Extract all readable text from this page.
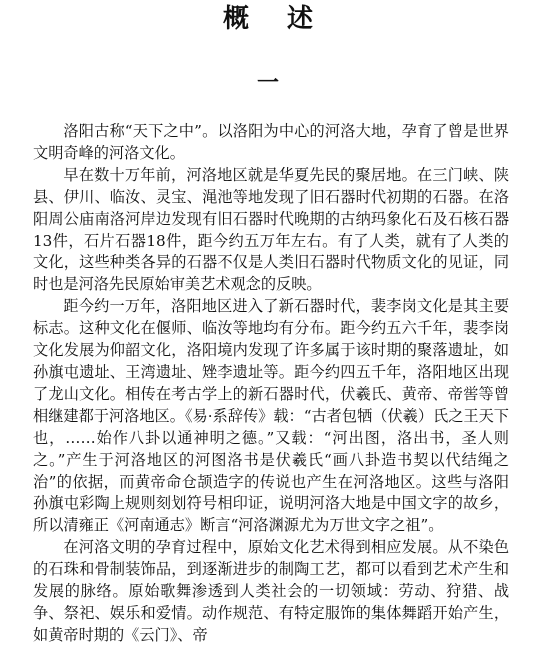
概述
一

洛阳古称“天下之中”。以洛阳为中心的河洛大地，孕育了曾是世界文明奇峰的河洛文化。

早在数十万年前，河洛地区就是华夏先民的聚居地。在三门峡、陕县、伊川、临汝、灵宝、渑池等地发现了旧石器时代初期的石器。在洛阳周公庙南洛河岸边发现有旧石器时代晚期的古纳玛象化石及石核石器13件，石片石器18件，距今约五万年左右。有了人类，就有了人类的文化，这些种类各异的石器不仅是人类旧石器时代物质文化的见证，同时也是河洛先民原始审美艺术观念的反映。

距今约一万年，洛阳地区进入了新石器时代，裴李岗文化是其主要标志。这种文化在偃师、临汝等地均有分布。距今约五六千年，裴李岗文化发展为仰韶文化，洛阳境内发现了许多属于该时期的聚落遗址，如孙旗屯遗址、王湾遗址、矬李遗址等。距今约四五千年，洛阳地区出现了龙山文化。相传在考古学上的新石器时代，伏羲氏、黄帝、帝喾等曾相继建都于河洛地区。《易·系辞传》载：“古者包牺（伏羲）氏之王天下也，……始作八卦以通神明之德。”又载：“河出图，洛出书，圣人则之。”产生于河洛地区的河图洛书是伏羲氏“画八卦造书契以代结绳之治”的依据，而黄帝命仓颉造字的传说也产生在河洛地区。这些与洛阳孙旗屯彩陶上规则刻划符号相印证，说明河洛大地是中国文字的故乡，所以清雍正《河南通志》断言“河洛渊源尤为万世文字之祖”。

在河洛文明的孕育过程中，原始文化艺术得到相应发展。从不染色的石珠和骨制装饰品，到逐渐进步的制陶工艺，都可以看到艺术产生和发展的脉络。原始歌舞渗透到人类社会的一切领域：劳动、狩猎、战争、祭祀、娱乐和爱情。动作规范、有特定服饰的集体舞蹈开始产生，如黄帝时期的《云门》、帝
